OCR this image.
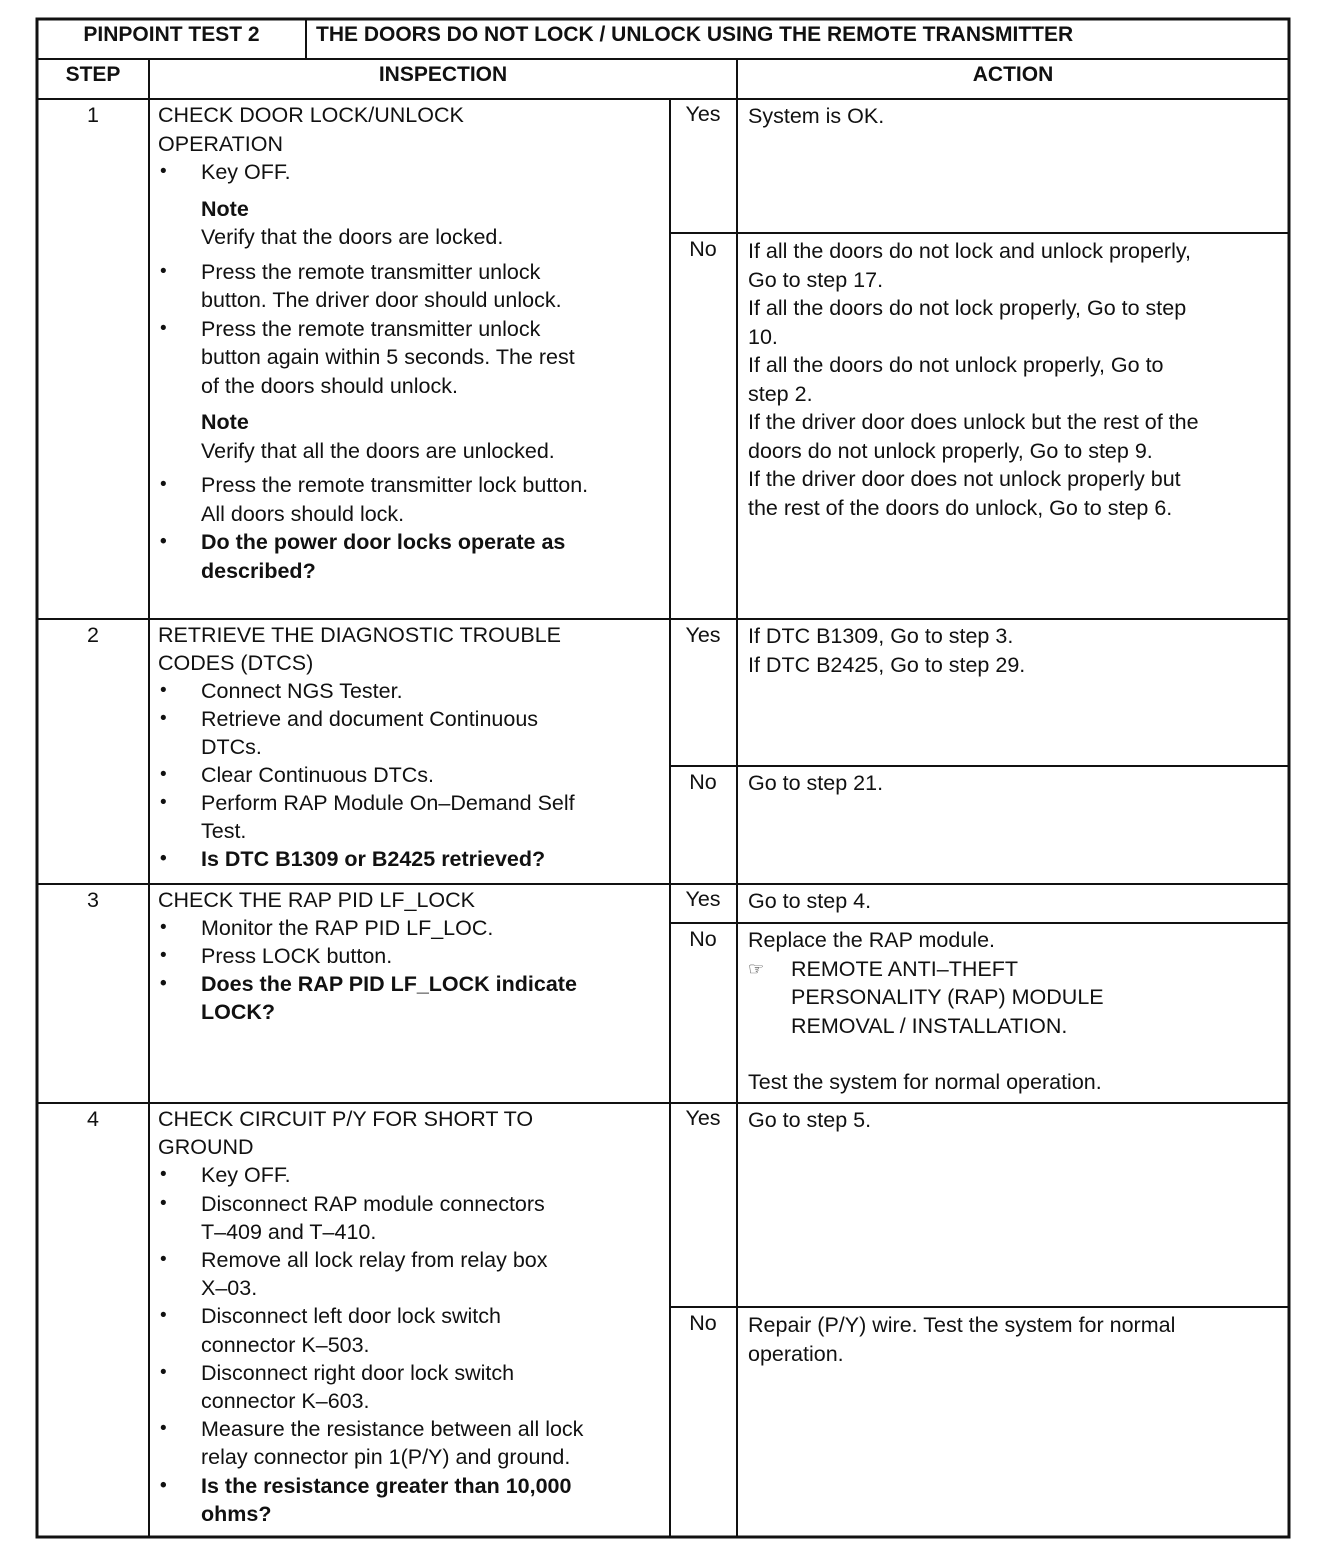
PINPOINT TEST 2	THE DOORS DO NOT LOCK / UNLOCK USING THE REMOTE TRANSMITTER
STEP	INSPECTION	ACTION
1	CHECK DOOR LOCK/UNLOCK
OPERATION
• Key OFF.
Note
Verify that the doors are locked.
• Press the remote transmitter unlock
button. The driver door should unlock.
• Press the remote transmitter unlock
button again within 5 seconds. The rest
of the doors should unlock.
Note
Verify that all the doors are unlocked.
• Press the remote transmitter lock button.
All doors should lock.
• Do the power door locks operate as
described?
Yes	System is OK.
No	If all the doors do not lock and unlock properly,

Go to step 17.

If all the doors do not lock properly, Go to step

10.

If all the doors do not unlock properly, Go to

step 2.

If the driver door does unlock but the rest of the

doors do not unlock properly, Go to step 9.

If the driver door does not unlock properly but

the rest of the doors do unlock, Go to step 6.

2	RETRIEVE THE DIAGNOSTIC TROUBLE
CODES (DTCS)
• Connect NGS Tester.
• Retrieve and document Continuous
DTCs.
• Clear Continuous DTCs.
• Perform RAP Module On–Demand Self
Test.
• Is DTC B1309 or B2425 retrieved?
Yes	If DTC B1309, Go to step 3.

If DTC B2425, Go to step 29.

No	Go to step 21.
3	CHECK THE RAP PID LF_LOCK
• Monitor the RAP PID LF_LOC.
• Press LOCK button.
• Does the RAP PID LF_LOCK indicate
LOCK?
Yes	Go to step 4.
No	Replace the RAP module.

☞ REMOTE ANTI–THEFT
PERSONALITY (RAP) MODULE
REMOVAL / INSTALLATION.

Test the system for normal operation.

4	CHECK CIRCUIT P/Y FOR SHORT TO
GROUND
• Key OFF.
• Disconnect RAP module connectors
T–409 and T–410.
• Remove all lock relay from relay box
X–03.
• Disconnect left door lock switch
connector K–503.
• Disconnect right door lock switch
connector K–603.
• Measure the resistance between all lock
relay connector pin 1(P/Y) and ground.
• Is the resistance greater than 10,000
ohms?
Yes	Go to step 5.
No	Repair (P/Y) wire. Test the system for normal

operation.
